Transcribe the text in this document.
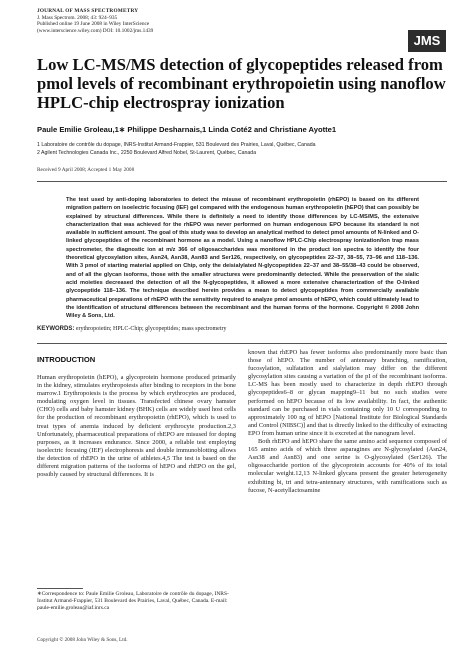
JOURNAL OF MASS SPECTROMETRY
J. Mass Spectrom. 2008; 43: 924–935
Published online 19 June 2008 in Wiley InterScience
(www.interscience.wiley.com) DOI: 10.1002/jms.1439
JMS
Low LC-MS/MS detection of glycopeptides released from pmol levels of recombinant erythropoietin using nanoflow HPLC-chip electrospray ionization
Paule Emilie Groleau,1∗ Philippe Desharnais,1 Linda Coté2 and Christiane Ayotte1
1 Laboratoire de contrôle du dopage, INRS-Institut Armand-Frappier, 531 Boulevard des Prairies, Laval, Québec, Canada
2 Agilent Technologies Canada Inc., 2250 Boulevard Alfred Nobel, St-Laurent, Québec, Canada
Received 9 April 2008; Accepted 1 May 2008

The test used by anti-doping laboratories to detect the misuse of recombinant erythropoietin (rhEPO) is based on its different migration pattern on isoelectric focusing (IEF) gel compared with the endogenous human erythropoietin (hEPO) that can possibly be explained by structural differences. While there is definitely a need to identify those differences by LC-MS/MS, the extensive characterization that was achieved for the rhEPO was never performed on human endogenous EPO because its standard is not available in sufficient amount. The goal of this study was to develop an analytical method to detect pmol amounts of N-linked and O-linked glycopeptides of the recombinant hormone as a model. Using a nanoflow HPLC-Chip electrospray ionization/ion trap mass spectrometer, the diagnostic ion at m/z 366 of oligosaccharides was monitored in the product ion spectra to identify the four theoretical glycosylation sites, Asn24, Asn38, Asn83 and Ser126, respectively, on glycopeptides 22–37, 38–55, 73–96 and 118–136. With 3 pmol of starting material applied on Chip, only the deisialylated N-glycopeptides 22–37 and 38–55/38–43 could be observed, and of all the glycan isoforms, those with the smaller structures were predominantly detected. While the preservation of the sialic acid moieties decreased the detection of all the N-glycopeptides, it allowed a more extensive characterization of the O-linked glycopeptide 118–136. The technique described herein provides a mean to detect glycopeptides from commercially available pharmaceutical preparations of rhEPO with the sensitivity required to analyze pmol amounts of hEPO, which could ultimately lead to the identification of structural differences between the recombinant and the human forms of the hormone. Copyright © 2008 John Wiley & Sons, Ltd.

KEYWORDS: erythropoietin; HPLC-Chip; glycopeptides; mass spectrometry
INTRODUCTION

Human erythropoietin (hEPO), a glycoprotein hormone produced primarily in the kidney, stimulates erythropoiesis after binding to receptors in the bone marrow.1 Erythropoiesis is the process by which erythrocytes are produced, modulating oxygen level in tissues. Transfected chinese ovary hamster (CHO) cells and baby hamster kidney (BHK) cells are widely used host cells for the production of recombinant erythropoietin (rhEPO), which is used to treat types of anemia induced by deficient erythrocyte production.2,3 Unfortunately, pharmaceutical preparations of rhEPO are misused for doping purposes, as it increases endurance. Since 2000, a reliable test employing isoelectric focusing (IEF) electrophoresis and double immunoblotting allows the detection of rhEPO in the urine of athletes.4,5 The test is based on the different migration patterns of the isoforms of hEPO and rhEPO on the gel, possibly caused by structural differences. It is

∗Correspondence to: Paule Emilie Groleau, Laboratoire de contrôle du dopage, INRS-Institut Armand-Frappier, 531 Boulevard des Prairies, Laval, Québec, Canada. E-mail: paule-emilie.groleau@iaf.inrs.ca

known that rhEPO has fewer isoforms also predominantly more basic than those of hEPO. The number of antennary branching, ramification, fucosylation, sulfatation and sialylation may differ on the different glycosylation sites causing a variation of the pI of the recombinant isoforms. LC-MS has been mostly used to characterize in depth rhEPO through glycopeptides6–8 or glycan mapping9–11 but no such studies were performed on hEPO because of its low availability. In fact, the authentic standard can be purchased in vials containing only 10 U corresponding to approximately 100 ng of hEPO [National Institute for Biological Standards and Control (NIBSC)] and that is directly linked to the difficulty of extracting EPO from human urine since it is excreted at the nanogram level.

Both rhEPO and hEPO share the same amino acid sequence composed of 165 amino acids of which three asparagines are N-glycosylated (Asn24, Asn38 and Asn83) and one serine is O-glycosylated (Ser126). The oligosaccharide portion of the glycoprotein accounts for 40% of its total molecular weight.12,13 N-linked glycans present the greater heterogeneity exhibiting bi, tri and tetra-antennary structures, with ramifications such as fucose, N-acetyllactosamine

Copyright © 2008 John Wiley & Sons, Ltd.
